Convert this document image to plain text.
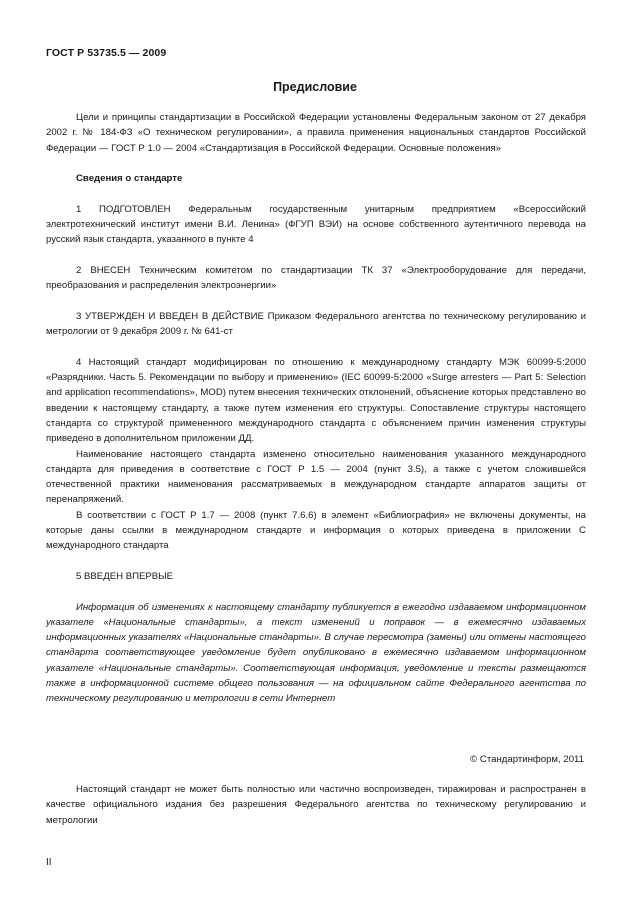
ГОСТ Р 53735.5 — 2009
Предисловие

Цели и принципы стандартизации в Российской Федерации установлены Федеральным законом от 27 декабря 2002 г. № 184-ФЗ «О техническом регулировании», а правила применения национальных стандартов Российской Федерации — ГОСТ Р 1.0 — 2004 «Стандартизация в Российской Федерации. Основные положения»

Сведения о стандарте

1 ПОДГОТОВЛЕН Федеральным государственным унитарным предприятием «Всероссийский электротехнический институт имени В.И. Ленина» (ФГУП ВЭИ) на основе собственного аутентичного перевода на русский язык стандарта, указанного в пункте 4

2 ВНЕСЕН Техническим комитетом по стандартизации ТК 37 «Электрооборудование для передачи, преобразования и распределения электроэнергии»

3 УТВЕРЖДЕН И ВВЕДЕН В ДЕЙСТВИЕ Приказом Федерального агентства по техническому регулированию и метрологии от 9 декабря 2009 г. № 641-ст

4 Настоящий стандарт модифицирован по отношению к международному стандарту МЭК 60099-5:2000 «Разрядники. Часть 5. Рекомендации по выбору и применению» (IEC 60099-5:2000 «Surge arresters — Part 5: Selection and application recommendations», MOD) путем внесения технических отклонений, объяснение которых представлено во введении к настоящему стандарту, а также путем изменения его структуры. Сопоставление структуры настоящего стандарта со структурой примененного международного стандарта с объяснением причин изменения структуры приведено в дополнительном приложении ДД.

Наименование настоящего стандарта изменено относительно наименования указанного международного стандарта для приведения в соответствие с ГОСТ Р 1.5 — 2004 (пункт 3.5), а также с учетом сложившейся отечественной практики наименования рассматриваемых в международном стандарте аппаратов защиты от перенапряжений.

В соответствии с ГОСТ Р 1.7 — 2008 (пункт 7.6.6) в элемент «Библиография» не включены документы, на которые даны ссылки в международном стандарте и информация о которых приведена в приложении С международного стандарта

5 ВВЕДЕН ВПЕРВЫЕ

Информация об изменениях к настоящему стандарту публикуется в ежегодно издаваемом информационном указателе «Национальные стандарты», а текст изменений и поправок — в ежемесячно издаваемых информационных указателях «Национальные стандарты». В случае пересмотра (замены) или отмены настоящего стандарта соответствующее уведомление будет опубликовано в ежемесячно издаваемом информационном указателе «Национальные стандарты». Соответствующая информация, уведомление и тексты размещаются также в информационной системе общего пользования — на официальном сайте Федерального агентства по техническому регулированию и метрологии в сети Интернет

© Стандартинформ, 2011

Настоящий стандарт не может быть полностью или частично воспроизведен, тиражирован и распространен в качестве официального издания без разрешения Федерального агентства по техническому регулированию и метрологии

II
